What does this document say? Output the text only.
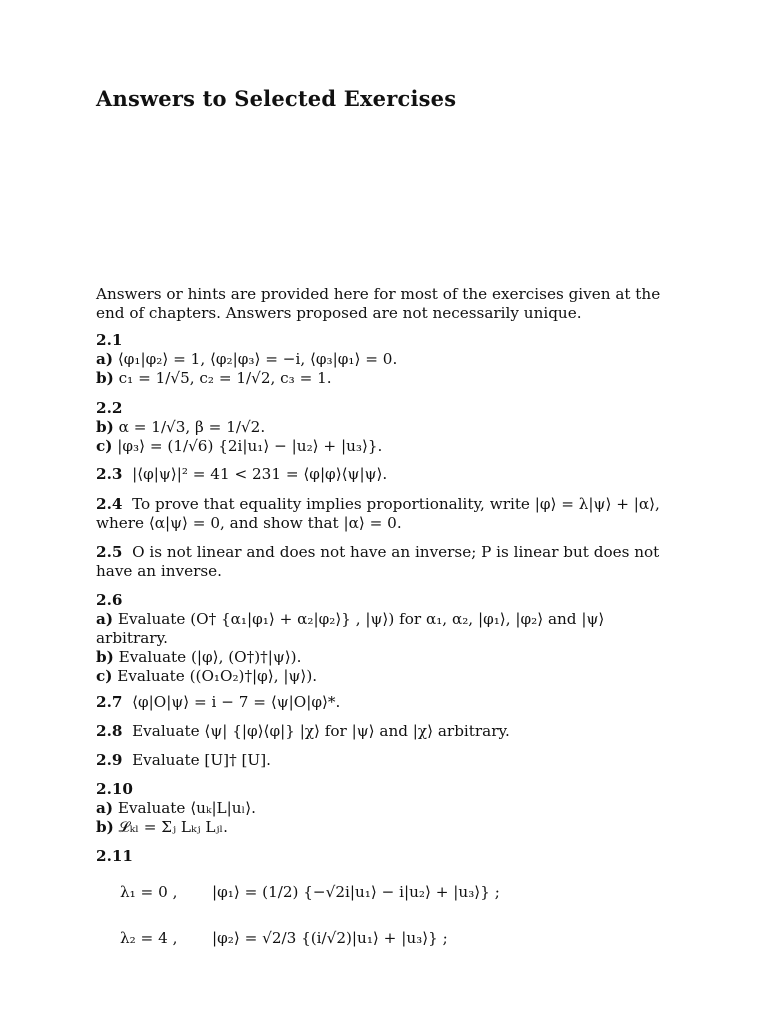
Answers to Selected Exercises
Answers or hints are provided here for most of the exercises given at the end of chapters. Answers proposed are not necessarily unique.
2.1
a) ⟨φ₁|φ₂⟩ = 1, ⟨φ₂|φ₃⟩ = −i, ⟨φ₃|φ₁⟩ = 0.
b) c₁ = 1/√5, c₂ = 1/√2, c₃ = 1.
2.2
b) α = 1/√3, β = 1/√2.
c) |φ₃⟩ = (1/√6) {2i|u₁⟩ − |u₂⟩ + |u₃⟩}.
2.3 |⟨φ|ψ⟩|² = 41 < 231 = ⟨φ|φ⟩⟨ψ|ψ⟩.
2.4 To prove that equality implies proportionality, write |φ⟩ = λ|ψ⟩ + |α⟩, where ⟨α|ψ⟩ = 0, and show that |α⟩ = 0.
2.5 O is not linear and does not have an inverse; P is linear but does not have an inverse.
2.6
a) Evaluate (O† {α₁|φ₁⟩ + α₂|φ₂⟩} , |ψ⟩) for α₁, α₂, |φ₁⟩, |φ₂⟩ and |ψ⟩ arbitrary.
b) Evaluate (|φ⟩, (O†)†|ψ⟩).
c) Evaluate ((O₁O₂)†|φ⟩, |ψ⟩).
2.7 ⟨φ|O|ψ⟩ = i − 7 = ⟨ψ|O|φ⟩*.
2.8 Evaluate ⟨ψ| {|φ⟩⟨φ|} |χ⟩ for |ψ⟩ and |χ⟩ arbitrary.
2.9 Evaluate [U]† [U].
2.10
a) Evaluate ⟨uₖ|L|uₗ⟩.
b) 𝓛ₖₗ = Σⱼ Lₖⱼ Lⱼₗ.
2.11
λ₁ = 0 , |φ₁⟩ = (1/2) {−√2i|u₁⟩ − i|u₂⟩ + |u₃⟩} ;
λ₂ = 4 , |φ₂⟩ = √2/3 {(i/√2)|u₁⟩ + |u₃⟩} ;
